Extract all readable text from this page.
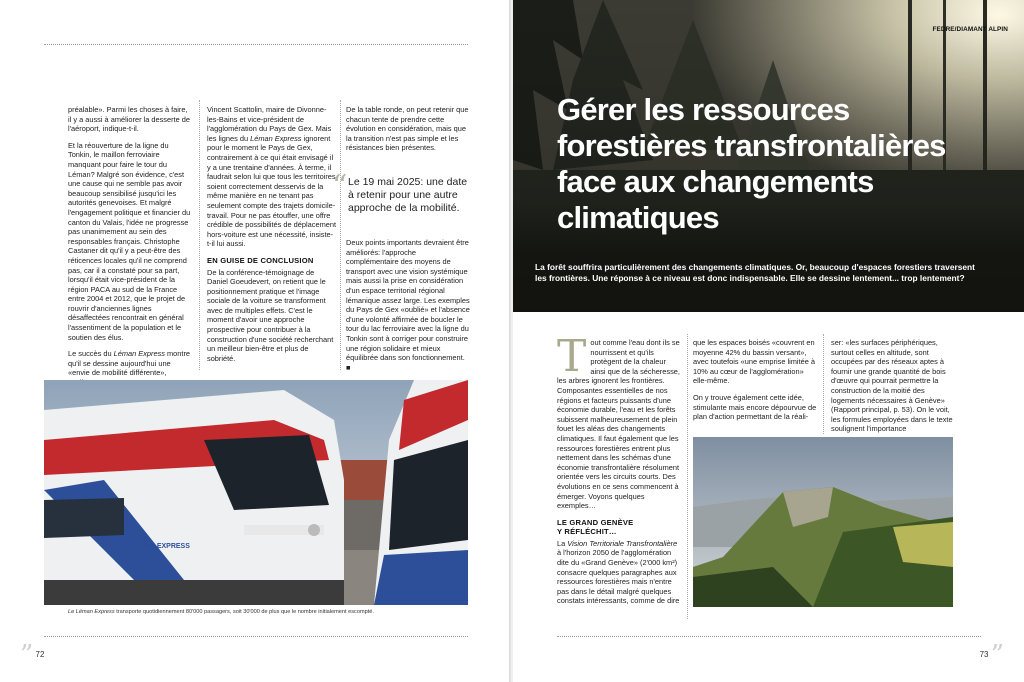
préalable». Parmi les choses à faire, il y a aussi à améliorer la desserte de l'aéroport, indique-t-il.

Et la réouverture de la ligne du Tonkin, le maillon ferroviaire manquant pour faire le tour du Léman? Malgré son évidence, c'est une cause qui ne semble pas avoir beaucoup sensibilisé jusqu'ici les autorités genevoises. Et malgré l'engagement politique et financier du canton du Valais, l'idée ne progresse pas unanimement au sein des responsables français. Christophe Castaner dit qu'il y a peut-être des réticences locales qu'il ne comprend pas, car il a constaté pour sa part, lorsqu'il était vice-président de la région PACA au sud de la France entre 2004 et 2012, que le projet de rouvrir d'anciennes lignes désaffectées rencontrait en général l'assentiment de la population et le soutien des élus.

Le succès du Léman Express montre qu'il se dessine aujourd'hui une «envie de mobilité différente»,

Vincent Scattolin, maire de Divonne-les-Bains et vice-président de l'agglomération du Pays de Gex. Mais les lignes du Léman Express ignorent pour le moment le Pays de Gex, contrairement à ce qui était envisagé il y a une trentaine d'années. À terme, il faudrait selon lui que tous les territoires soient correctement desservis de la même manière en ne tenant pas seulement compte des trajets domicile-travail. Pour ne pas étouffer, une offre crédible de possibilités de déplacement hors-voiture est une nécessité, insiste-t-il lui aussi.

EN GUISE DE CONCLUSION

De la conférence-témoignage de Daniel Goeudevert, on retient que le positionnement pratique et l'image sociale de la voiture se transforment avec de multiples effets. C'est le moment d'avoir une approche prospective pour contribuer à la construction d'une société recherchant un meilleur bien-être et plus de sobriété.

De la table ronde, on peut retenir que chacun tente de prendre cette évolution en considération, mais que la transition n'est pas simple et les résistances bien présentes.

“ Le 19 mai 2025: une date à retenir pour une autre approche de la mobilité.

Deux points importants devraient être améliorés: l'approche complémentaire des moyens de transport avec une vision systémique mais aussi la prise en considération d'un espace territorial régional lémanique assez large. Les exemples du Pays de Gex «oublié» et l'absence d'une volonté affirmée de boucler le tour du lac ferroviaire avec la ligne du Tonkin sont à corriger pour construire une région solidaire et mieux équilibrée dans son fonctionnement. ■

LÉMAN EXPRESS
Le Léman Express transporte quotidiennement 80'000 passagers, soit 30'000 de plus que le nombre initialement escompté.
” 72
FEDRE/DIAMANT ALPIN
Gérer les ressources forestières transfrontalières face aux changements climatiques
La forêt souffrira particulièrement des changements climatiques. Or, beaucoup d'espaces forestiers traversent les frontières. Une réponse à ce niveau est donc indispensable. Elle se dessine lentement... trop lentement?

Tout comme l'eau dont ils se nourrissent et qu'ils protègent de la chaleur ainsi que de la sécheresse, les arbres ignorent les frontières. Composantes essentielles de nos régions et facteurs puissants d'une économie durable, l'eau et les forêts subissent malheureusement de plein fouet les aléas des changements climatiques. Il faut également que les ressources forestières entrent plus nettement dans les schémas d'une économie transfrontalière résolument orientée vers les circuits courts. Des évolutions en ce sens commencent à émerger. Voyons quelques exemples…

LE GRAND GENÈVE
Y RÉFLÉCHIT…

La Vision Territoriale Transfrontalière à l'horizon 2050 de l'agglomération dite du «Grand Genève» (2'000 km²) consacre quelques paragraphes aux ressources forestières mais n'entre pas dans le détail malgré quelques constats intéressants, comme de dire

que les espaces boisés «couvrent en moyenne 42% du bassin versant», avec toutefois «une emprise limitée à 10% au cœur de l'agglomération» elle-même.

On y trouve également cette idée, stimulante mais encore dépourvue de plan d'action permettant de la réali-

ser: «les surfaces périphériques, surtout celles en altitude, sont occupées par des réseaux aptes à fournir une grande quantité de bois d'œuvre qui pourrait permettre la construction de la moitié des logements nécessaires à Genève» (Rapport principal, p. 53). On le voit, les formules employées dans le texte soulignent l'importance

73 ”
